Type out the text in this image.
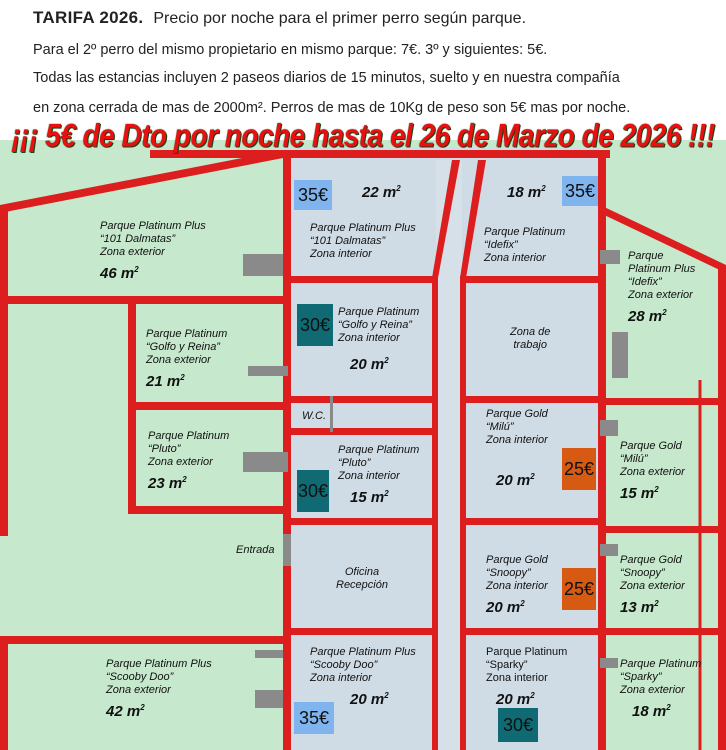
TARIFA 2026. Precio por noche para el primer perro según parque.
Para el 2º perro del mismo propietario en mismo parque: 7€. 3º y siguientes: 5€.
Todas las estancias incluyen 2 paseos diarios de 15 minutos, suelto y en nuestra compañía
en zona cerrada de mas de 2000m². Perros de mas de 10Kg de peso son 5€ mas por noche.
¡¡¡ 5€ de Dto por noche hasta el 26 de Marzo de 2026 !!!
Parque Platinum Plus
“101 Dalmatas”
Zona exterior
46 $m^2$
22 $m^2$
Parque Platinum Plus
“101 Dalmatas”
Zona interior
35€	18 $m^2$ 35€
Parque Platinum
“Idefix”
Zona interior	Parque
Platinum Plus
“Idefix”
Zona exterior
28 $m^2$
Parque Platinum
“Golfo y Reina”
Zona exterior
21 $m^2$
30€
Parque Platinum
“Golfo y Reina”
Zona interior
20 $m^2$
Zona de
trabajo
W.C.
Parque Platinum
“Pluto”
Zona exterior
23 $m^2$
Parque Platinum
“Pluto”
Zona interior
15 $m^2$
30€
Parque Gold
“Milú”
Zona interior
20 $m^2$ 25€
Parque Gold
“Milú”
Zona exterior
15 $m^2$
Entrada
Oficina
Recepción
Parque Gold
“Snoopy”
Zona interior
20 $m^2$
25€
Parque Gold
“Snoopy”
Zona exterior
13 $m^2$
Parque Platinum Plus
“Scooby Doo”
Zona exterior
42 $m^2$
Parque Platinum Plus
“Scooby Doo”
Zona interior
20 $m^2$
35€
Parque Platinum
“Sparky”
Zona interior
20 $m^2$
30€
Parque Platinum
“Sparky”
Zona exterior
18 $m^2$
